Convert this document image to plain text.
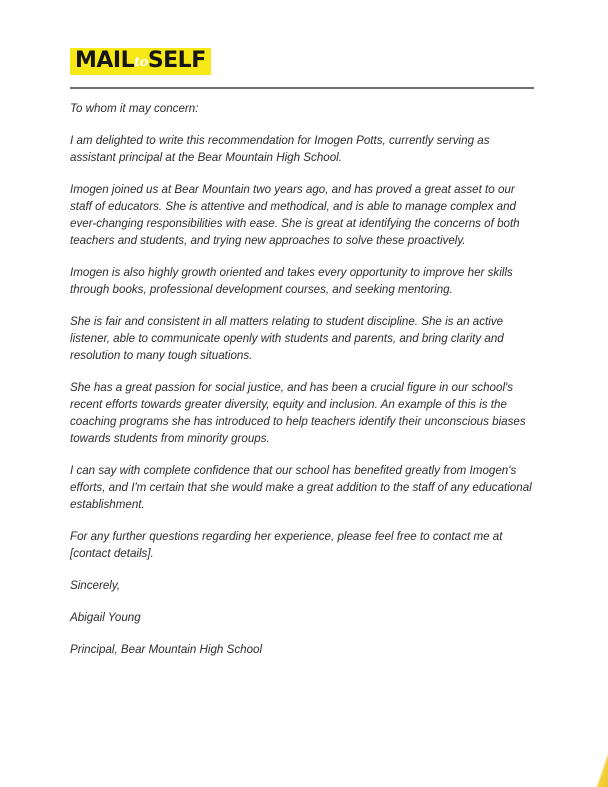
MAILtoSELF

To whom it may concern:

I am delighted to write this recommendation for Imogen Potts, currently serving as assistant principal at the Bear Mountain High School.

Imogen joined us at Bear Mountain two years ago, and has proved a great asset to our staff of educators. She is attentive and methodical, and is able to manage complex and ever-changing responsibilities with ease. She is great at identifying the concerns of both teachers and students, and trying new approaches to solve these proactively.

Imogen is also highly growth oriented and takes every opportunity to improve her skills through books, professional development courses, and seeking mentoring.

She is fair and consistent in all matters relating to student discipline. She is an active listener, able to communicate openly with students and parents, and bring clarity and resolution to many tough situations.

She has a great passion for social justice, and has been a crucial figure in our school's recent efforts towards greater diversity, equity and inclusion. An example of this is the coaching programs she has introduced to help teachers identify their unconscious biases towards students from minority groups.

I can say with complete confidence that our school has benefited greatly from Imogen's efforts, and I'm certain that she would make a great addition to the staff of any educational establishment.

For any further questions regarding her experience, please feel free to contact me at [contact details].

Sincerely,

Abigail Young

Principal, Bear Mountain High School
